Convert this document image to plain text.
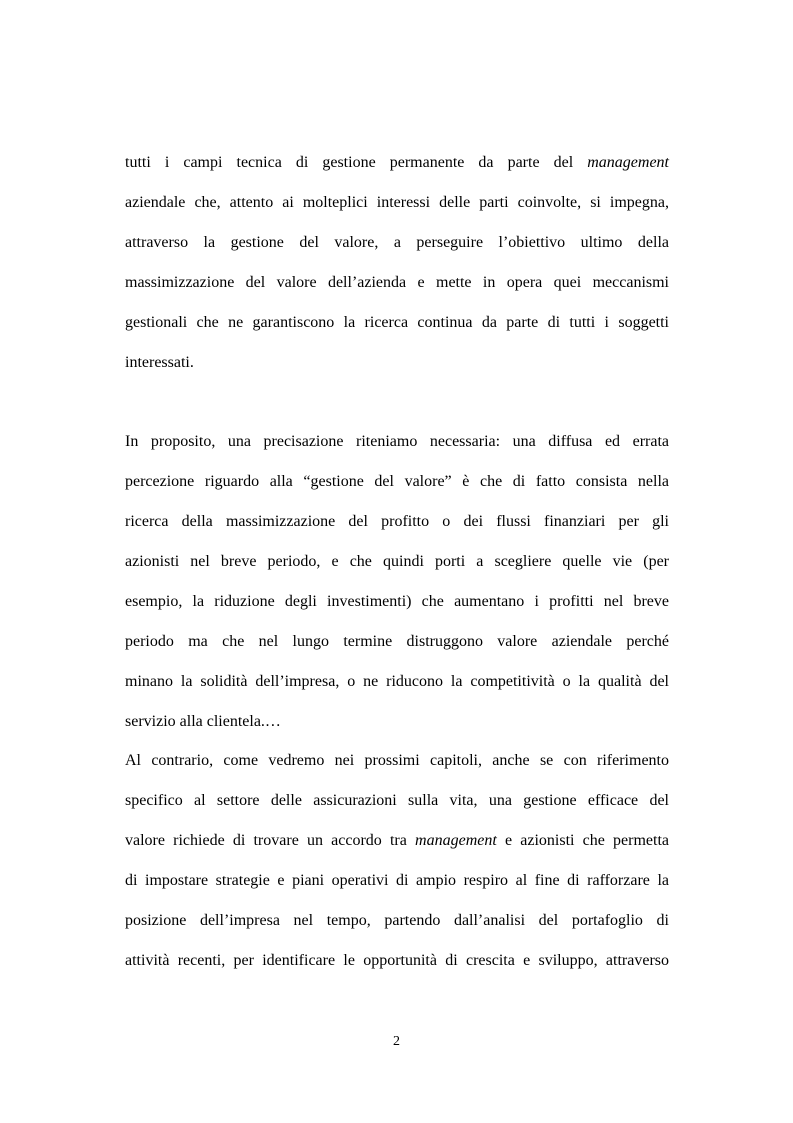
tutti i campi tecnica di gestione permanente da parte del management
aziendale che, attento ai molteplici interessi delle parti coinvolte, si impegna,
attraverso la gestione del valore, a perseguire l’obiettivo ultimo della
massimizzazione del valore dell’azienda e mette in opera quei meccanismi
gestionali che ne garantiscono la ricerca continua da parte di tutti i soggetti
interessati.
In proposito, una precisazione riteniamo necessaria: una diffusa ed errata
percezione riguardo alla “gestione del valore” è che di fatto consista nella
ricerca della massimizzazione del profitto o dei flussi finanziari per gli
azionisti nel breve periodo, e che quindi porti a scegliere quelle vie (per
esempio, la riduzione degli investimenti) che aumentano i profitti nel breve
periodo ma che nel lungo termine distruggono valore aziendale perché
minano la solidità dell’impresa, o ne riducono la competitività o la qualità del
servizio alla clientela.…
Al contrario, come vedremo nei prossimi capitoli, anche se con riferimento
specifico al settore delle assicurazioni sulla vita, una gestione efficace del
valore richiede di trovare un accordo tra management e azionisti che permetta
di impostare strategie e piani operativi di ampio respiro al fine di rafforzare la
posizione dell’impresa nel tempo, partendo dall’analisi del portafoglio di
attività recenti, per identificare le opportunità di crescita e sviluppo, attraverso
2
